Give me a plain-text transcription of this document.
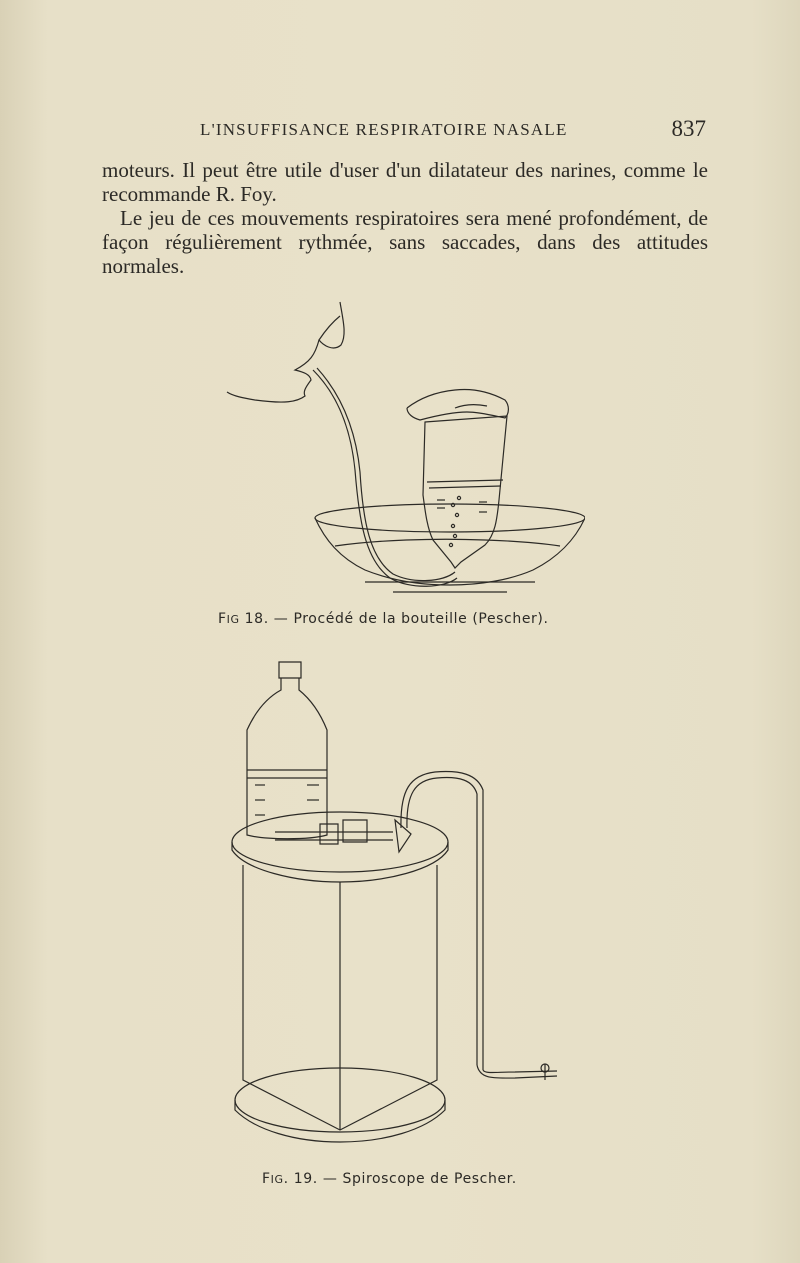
L'INSUFFISANCE RESPIRATOIRE NASALE	837

moteurs. Il peut être utile d'user d'un dilatateur des narines, comme le recommande R. Foy.

Le jeu de ces mouvements respiratoires sera mené profondément, de façon régulièrement rythmée, sans saccades, dans des attitudes normales.

FIG 18. — Procédé de la bouteille (Pescher).
FIG. 19. — Spiroscope de Pescher.
